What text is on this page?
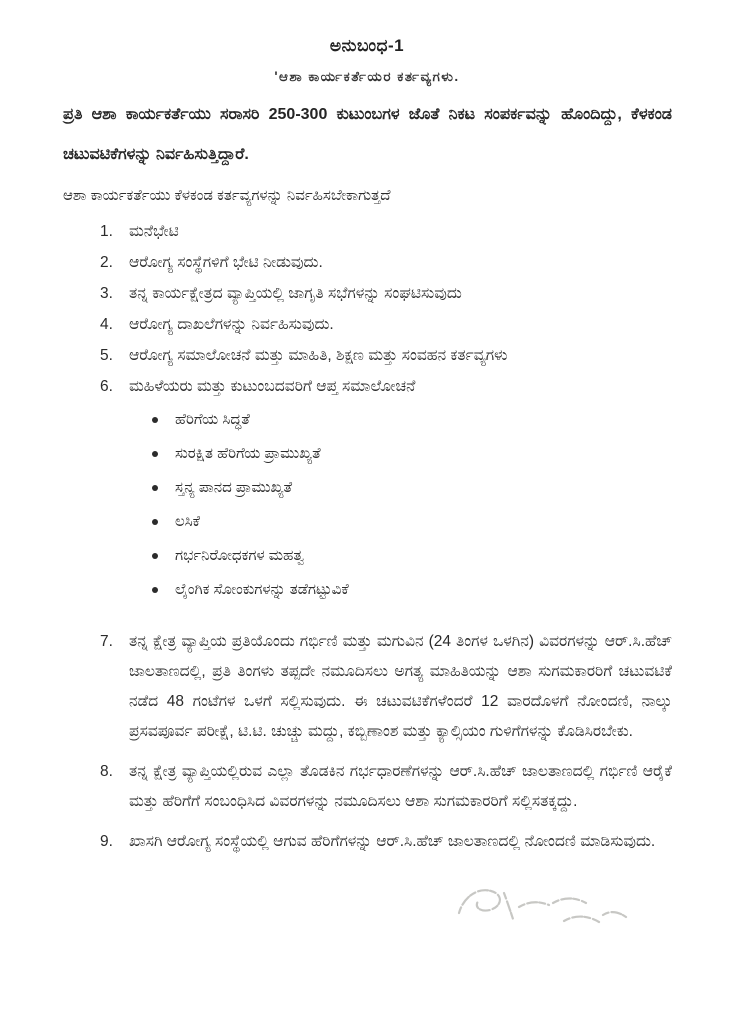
ಅನುಬಂಧ-1
'ಆಶಾ ಕಾರ್ಯಕರ್ತೆಯರ ಕರ್ತವ್ಯಗಳು.

ಪ್ರತಿ ಆಶಾ ಕಾರ್ಯಕರ್ತೆಯು ಸರಾಸರಿ 250-300 ಕುಟುಂಬಗಳ ಜೊತೆ ನಿಕಟ ಸಂಪರ್ಕವನ್ನು ಹೊಂದಿದ್ದು, ಕೆಳಕಂಡ ಚಟುವಟಿಕೆಗಳನ್ನು ನಿರ್ವಹಿಸುತ್ತಿದ್ದಾರೆ.

ಆಶಾ ಕಾರ್ಯಕರ್ತೆಯು ಕೆಳಕಂಡ ಕರ್ತವ್ಯಗಳನ್ನು ನಿರ್ವಹಿಸಬೇಕಾಗುತ್ತದೆ

1.	ಮನೆಭೇಟಿ
2.	ಆರೋಗ್ಯ ಸಂಸ್ಥೆಗಳಿಗೆ ಭೇಟಿ ನೀಡುವುದು.
3.	ತನ್ನ ಕಾರ್ಯಕ್ಷೇತ್ರದ ವ್ಯಾಪ್ತಿಯಲ್ಲಿ ಜಾಗೃತಿ ಸಭೆಗಳನ್ನು ಸಂಘಟಿಸುವುದು
4.	ಆರೋಗ್ಯ ದಾಖಲೆಗಳನ್ನು ನಿರ್ವಹಿಸುವುದು.
5.	ಆರೋಗ್ಯ ಸಮಾಲೋಚನೆ ಮತ್ತು ಮಾಹಿತಿ, ಶಿಕ್ಷಣ ಮತ್ತು ಸಂವಹನ ಕರ್ತವ್ಯಗಳು
6.	ಮಹಿಳೆಯರು ಮತ್ತು ಕುಟುಂಬದವರಿಗೆ ಆಪ್ತ ಸಮಾಲೋಚನೆ
ಹೆರಿಗೆಯ ಸಿದ್ಧತೆ
ಸುರಕ್ಷಿತ ಹೆರಿಗೆಯ ಪ್ರಾಮುಖ್ಯತೆ
ಸ್ತನ್ಯ ಪಾನದ ಪ್ರಾಮುಖ್ಯತೆ
ಲಸಿಕೆ
ಗರ್ಭನಿರೋಧಕಗಳ ಮಹತ್ವ
ಲೈಂಗಿಕ ಸೋಂಕುಗಳನ್ನು ತಡೆಗಟ್ಟುವಿಕೆ
7.	ತನ್ನ ಕ್ಷೇತ್ರ ವ್ಯಾಪ್ತಿಯ ಪ್ರತಿಯೊಂದು ಗರ್ಭಿಣಿ ಮತ್ತು ಮಗುವಿನ (24 ತಿಂಗಳ ಒಳಗಿನ) ವಿವರಗಳನ್ನು ಆರ್.ಸಿ.ಹೆಚ್ ಜಾಲತಾಣದಲ್ಲಿ, ಪ್ರತಿ ತಿಂಗಳು ತಪ್ಪದೇ ನಮೂದಿಸಲು ಅಗತ್ಯ ಮಾಹಿತಿಯನ್ನು ಆಶಾ ಸುಗಮಕಾರರಿಗೆ ಚಟುವಟಿಕೆ ನಡೆದ 48 ಗಂಟೆಗಳ ಒಳಗೆ ಸಲ್ಲಿಸುವುದು. ಈ ಚಟುವಟಿಕೆಗಳೆಂದರೆ 12 ವಾರದೊಳಗೆ ನೋಂದಣಿ, ನಾಲ್ಕು ಪ್ರಸವಪೂರ್ವ ಪರೀಕ್ಷೆ, ಟಿ.ಟಿ. ಚುಚ್ಚು ಮದ್ದು, ಕಬ್ಬಿಣಾಂಶ ಮತ್ತು ಕ್ಯಾಲ್ಸಿಯಂ ಗುಳಿಗೆಗಳನ್ನು ಕೊಡಿಸಿರಬೇಕು.
8.	ತನ್ನ ಕ್ಷೇತ್ರ ವ್ಯಾಪ್ತಿಯಲ್ಲಿರುವ ಎಲ್ಲಾ ತೊಡಕಿನ ಗರ್ಭಧಾರಣೆಗಳನ್ನು ಆರ್.ಸಿ.ಹೆಚ್ ಜಾಲತಾಣದಲ್ಲಿ ಗರ್ಭಿಣಿ ಆರೈಕೆ ಮತ್ತು ಹೆರಿಗೆಗೆ ಸಂಬಂಧಿಸಿದ ವಿವರಗಳನ್ನು ನಮೂದಿಸಲು ಆಶಾ ಸುಗಮಕಾರರಿಗೆ ಸಲ್ಲಿಸತಕ್ಕದ್ದು.
9.	ಖಾಸಗಿ ಆರೋಗ್ಯ ಸಂಸ್ಥೆಯಲ್ಲಿ ಆಗುವ ಹೆರಿಗೆಗಳನ್ನು ಆರ್.ಸಿ.ಹೆಚ್ ಜಾಲತಾಣದಲ್ಲಿ ನೋಂದಣಿ ಮಾಡಿಸುವುದು.
